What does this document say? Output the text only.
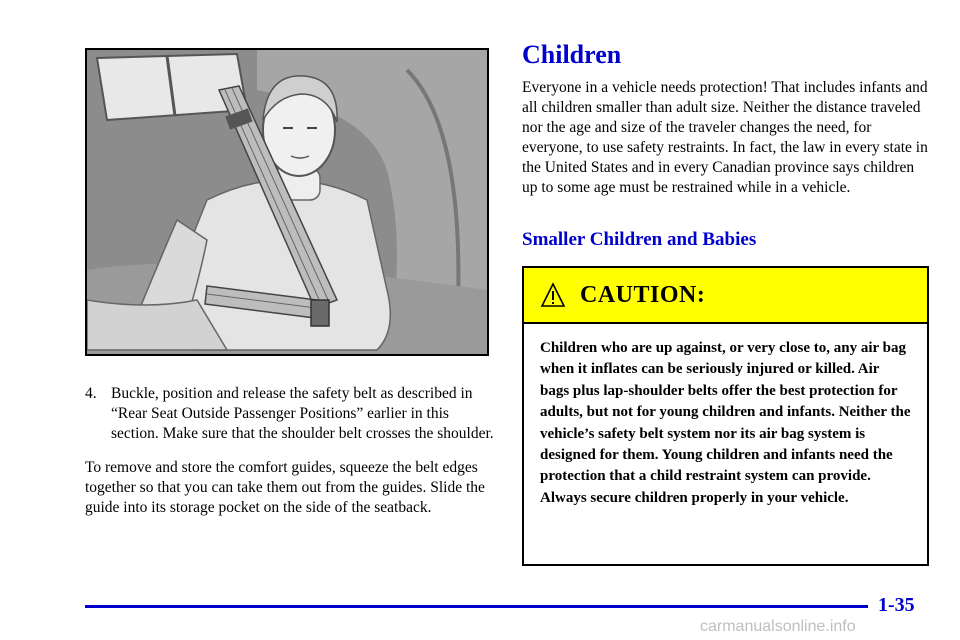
4. Buckle, position and release the safety belt as described in “Rear Seat Outside Passenger Positions” earlier in this section. Make sure that the shoulder belt crosses the shoulder.
To remove and store the comfort guides, squeeze the belt edges together so that you can take them out from the guides. Slide the guide into its storage pocket on the side of the seatback.
Children
Everyone in a vehicle needs protection! That includes infants and all children smaller than adult size. Neither the distance traveled nor the age and size of the traveler changes the need, for everyone, to use safety restraints. In fact, the law in every state in the United States and in every Canadian province says children up to some age must be restrained while in a vehicle.
Smaller Children and Babies
CAUTION:
Children who are up against, or very close to, any air bag when it inflates can be seriously injured or killed. Air bags plus lap-shoulder belts offer the best protection for adults, but not for young children and infants. Neither the vehicle’s safety belt system nor its air bag system is designed for them. Young children and infants need the protection that a child restraint system can provide. Always secure children properly in your vehicle.
1-35
carmanualsonline.info
